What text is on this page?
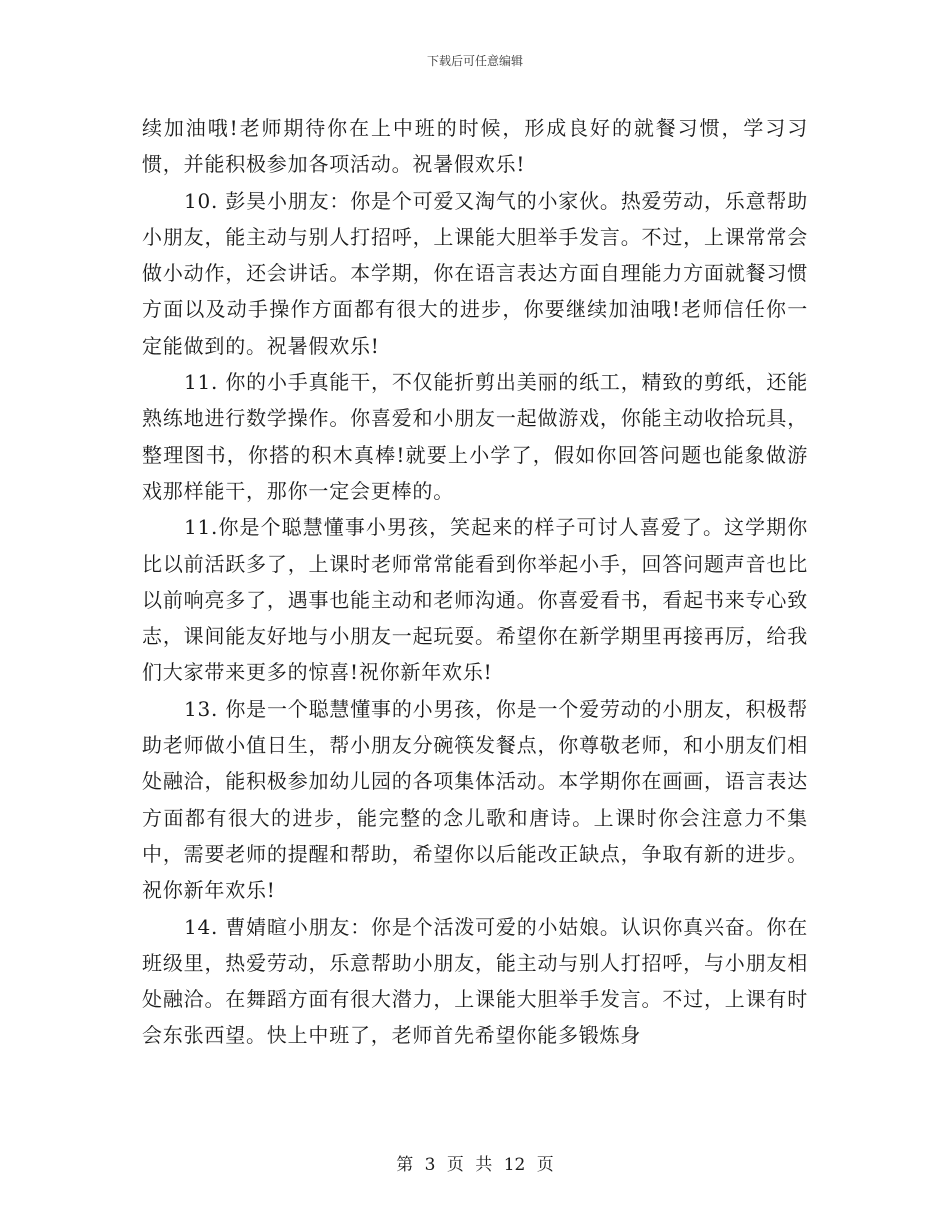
下载后可任意编辑

续加油哦!老师期待你在上中班的时候，形成良好的就餐习惯，学习习惯，并能积极参加各项活动。祝暑假欢乐!

10. 彭昊小朋友：你是个可爱又淘气的小家伙。热爱劳动，乐意帮助小朋友，能主动与别人打招呼，上课能大胆举手发言。不过，上课常常会做小动作，还会讲话。本学期，你在语言表达方面自理能力方面就餐习惯方面以及动手操作方面都有很大的进步，你要继续加油哦!老师信任你一定能做到的。祝暑假欢乐!

11. 你的小手真能干，不仅能折剪出美丽的纸工，精致的剪纸，还能熟练地进行数学操作。你喜爱和小朋友一起做游戏，你能主动收拾玩具，整理图书，你搭的积木真棒!就要上小学了，假如你回答问题也能象做游戏那样能干，那你一定会更棒的。

11.你是个聪慧懂事小男孩，笑起来的样子可讨人喜爱了。这学期你比以前活跃多了，上课时老师常常能看到你举起小手，回答问题声音也比以前响亮多了，遇事也能主动和老师沟通。你喜爱看书，看起书来专心致志，课间能友好地与小朋友一起玩耍。希望你在新学期里再接再厉，给我们大家带来更多的惊喜!祝你新年欢乐!

13. 你是一个聪慧懂事的小男孩，你是一个爱劳动的小朋友，积极帮助老师做小值日生，帮小朋友分碗筷发餐点，你尊敬老师，和小朋友们相处融洽，能积极参加幼儿园的各项集体活动。本学期你在画画，语言表达方面都有很大的进步，能完整的念儿歌和唐诗。上课时你会注意力不集中，需要老师的提醒和帮助，希望你以后能改正缺点，争取有新的进步。祝你新年欢乐!

14. 曹婧暄小朋友：你是个活泼可爱的小姑娘。认识你真兴奋。你在班级里，热爱劳动，乐意帮助小朋友，能主动与别人打招呼，与小朋友相处融洽。在舞蹈方面有很大潜力，上课能大胆举手发言。不过，上课有时会东张西望。快上中班了，老师首先希望你能多锻炼身

第 3 页 共 12 页
